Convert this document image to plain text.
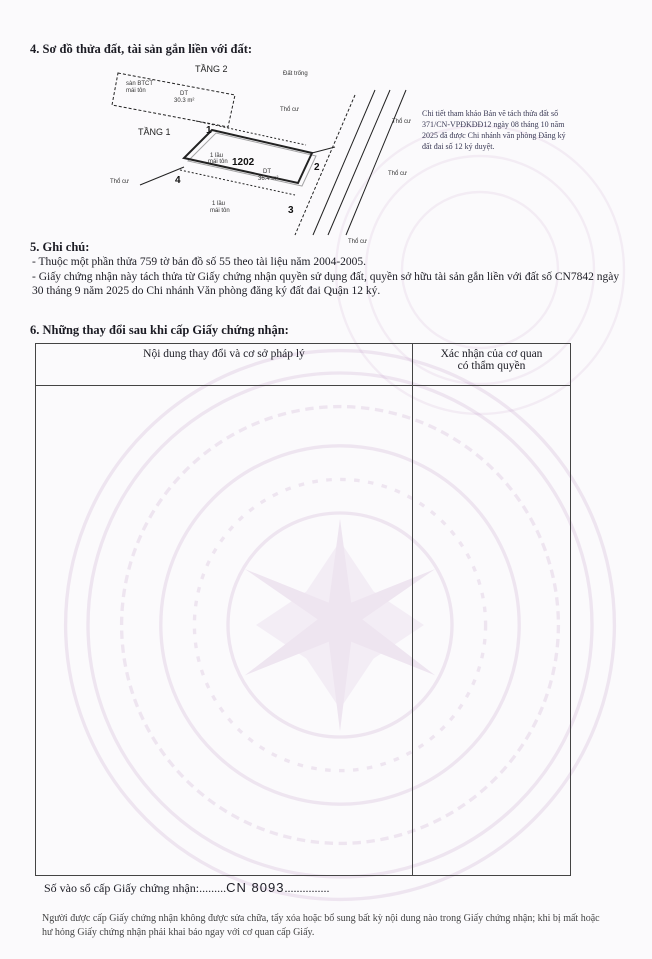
4. Sơ đồ thửa đất, tài sản gắn liền với đất:
TẦNG 2
TẦNG 1
sàn BTCT
mái tôn	DT
30.3 m²
1202
1 lầu
mái tôn
DT
36.4 m²
1 lầu
mái tôn
1
2
3
4
Đất trống
Thổ cư
Thổ cư
Thổ cư
Thổ cư
Thổ cư
Chi tiết tham khảo Bản vẽ tách thửa đất số 371/CN-VPĐKĐĐ12 ngày 08 tháng 10 năm 2025 đã được Chi nhánh văn phòng Đăng ký đất đai số 12 ký duyệt.
5. Ghi chú:
- Thuộc một phần thửa 759 tờ bản đồ số 55 theo tài liệu năm 2004-2005.
- Giấy chứng nhận này tách thửa từ Giấy chứng nhận quyền sử dụng đất, quyền sở hữu tài sản gắn liền với đất số CN7842 ngày 30 tháng 9 năm 2025 do Chi nhánh Văn phòng đăng ký đất đai Quận 12 ký.
6. Những thay đổi sau khi cấp Giấy chứng nhận:
Nội dung thay đổi và cơ sở pháp lý	Xác nhận của cơ quan
có thẩm quyền

Số vào sổ cấp Giấy chứng nhận:.........CN 8093...............
Người được cấp Giấy chứng nhận không được sửa chữa, tẩy xóa hoặc bổ sung bất kỳ nội dung nào trong Giấy chứng nhận; khi bị mất hoặc hư hỏng Giấy chứng nhận phải khai báo ngay với cơ quan cấp Giấy.
